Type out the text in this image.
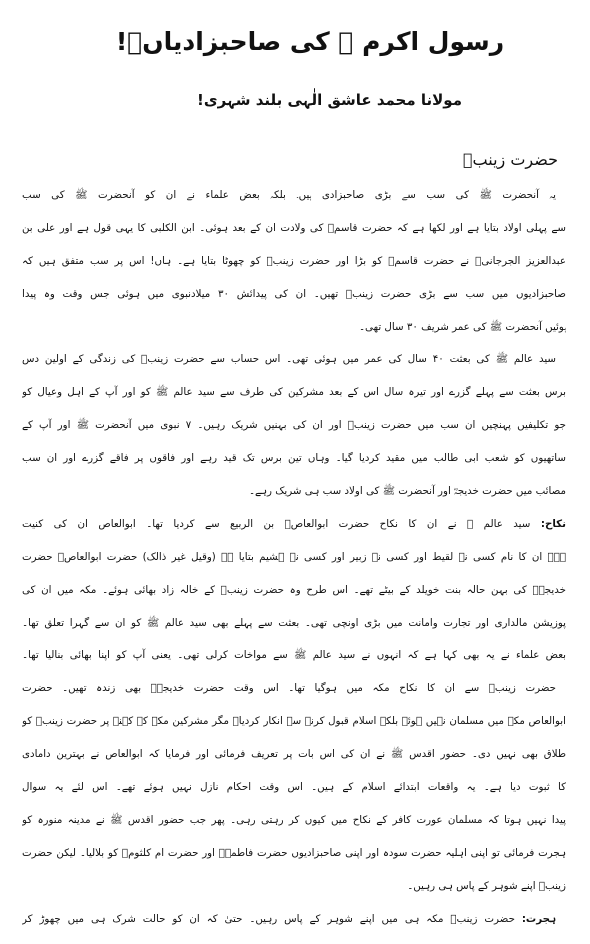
رسول اکرم ﷺ کی صاحبزادیاںؓ!
مولانا محمد عاشق الٰہی بلند شہری!
حضرت زینبؓ
یہ آنحضرت ﷺ کی سب سے بڑی صاحبزادی ہیں۔ بلکہ بعض علماء نے ان کو آنحضرت ﷺ کی سب
سے پہلی اولاد بتایا ہے اور لکھا ہے کہ حضرت قاسمؓ کی ولادت ان کے بعد ہوئی۔ ابن الکلبی کا یہی قول ہے اور علی بن
عبدالعزیز الجرجانیؒ نے حضرت قاسمؓ کو بڑا اور حضرت زینبؓ کو چھوٹا بتایا ہے۔ ہاں! اس پر سب متفق ہیں کہ
صاحبزادیوں میں سب سے بڑی حضرت زینبؓ تھیں۔ ان کی پیدائش ۳۰ میلادنبوی میں ہوئی جس وقت وہ پیدا
ہوئیں آنحضرت ﷺ کی عمر شریف ۳۰ سال تھی۔
سید عالم ﷺ کی بعثت ۴۰ سال کی عمر میں ہوئی تھی۔ اس حساب سے حضرت زینبؓ کی زندگی کے اولین دس
برس بعثت سے پہلے گزرے اور تیرہ سال اس کے بعد مشرکین کی طرف سے سید عالم ﷺ کو اور آپ کے اہل وعیال کو
جو تکلیفیں پہنچیں ان سب میں حضرت زینبؓ اور ان کی بہنیں شریک رہیں۔ ۷ نبوی میں آنحضرت ﷺ اور آپ کے
ساتھیوں کو شعب ابی طالب میں مقید کردیا گیا۔ وہاں تین برس تک قید رہے اور فاقوں پر فاقے گزرے اور ان سب
مصائب میں حضرت خدیجہؓ اور آنحضرت ﷺ کی اولاد سب ہی شریک رہے۔
نکاح: سید عالم ﷺ نے ان کا نکاح حضرت ابوالعاصؓ بن الربیع سے کردیا تھا۔ ابوالعاص ان کی کنیت
ہے۔ ان کا نام کسی نے لقیط اور کسی نے زبیر اور کسی نے ہشیم بتایا ہے (وقیل غیر ذالک) حضرت ابوالعاصؓ حضرت
خدیجہؓ کی بہن حالہ بنت خویلد کے بیٹے تھے۔ اس طرح وہ حضرت زینبؓ کے خالہ زاد بھائی ہوئے۔ مکہ میں ان کی
پوزیشن مالداری اور تجارت وامانت میں بڑی اونچی تھی۔ بعثت سے پہلے بھی سید عالم ﷺ کو ان سے گہرا تعلق تھا۔
بعض علماء نے یہ بھی کہا ہے کہ انہوں نے سید عالم ﷺ سے مواخات کرلی تھی۔ یعنی آپ کو اپنا بھائی بنالیا تھا۔
حضرت زینبؓ سے ان کا نکاح مکہ میں ہوگیا تھا۔ اس وقت حضرت خدیجہؓ بھی زندہ تھیں۔ حضرت
ابوالعاص مکہ میں مسلمان نہیں ہوئے بلکہ اسلام قبول کرنے سے انکار کردیا۔ مگر مشرکین مکہ کے کہنے پر حضرت زینبؓ کو
طلاق بھی نہیں دی۔ حضور اقدس ﷺ نے ان کی اس بات پر تعریف فرمائی اور فرمایا کہ ابوالعاص نے بہترین دامادی
کا ثبوت دیا ہے۔ یہ واقعات ابتدائے اسلام کے ہیں۔ اس وقت احکام نازل نہیں ہوئے تھے۔ اس لئے یہ سوال
پیدا نہیں ہوتا کہ مسلمان عورت کافر کے نکاح میں کیوں کر رہتی رہی۔ پھر جب حضور اقدس ﷺ نے مدینہ منورہ کو
ہجرت فرمائی تو اپنی اہلیہ حضرت سودہ اور اپنی صاحبزادیوں حضرت فاطمہؓ اور حضرت ام کلثومؓ کو بلالیا۔ لیکن حضرت
زینبؓ اپنے شوہر کے پاس ہی رہیں۔
ہجرت: حضرت زینبؓ مکہ ہی میں اپنے شوہر کے پاس رہیں۔ حتیٰ کہ ان کو حالت شرک ہی میں چھوڑ کر
